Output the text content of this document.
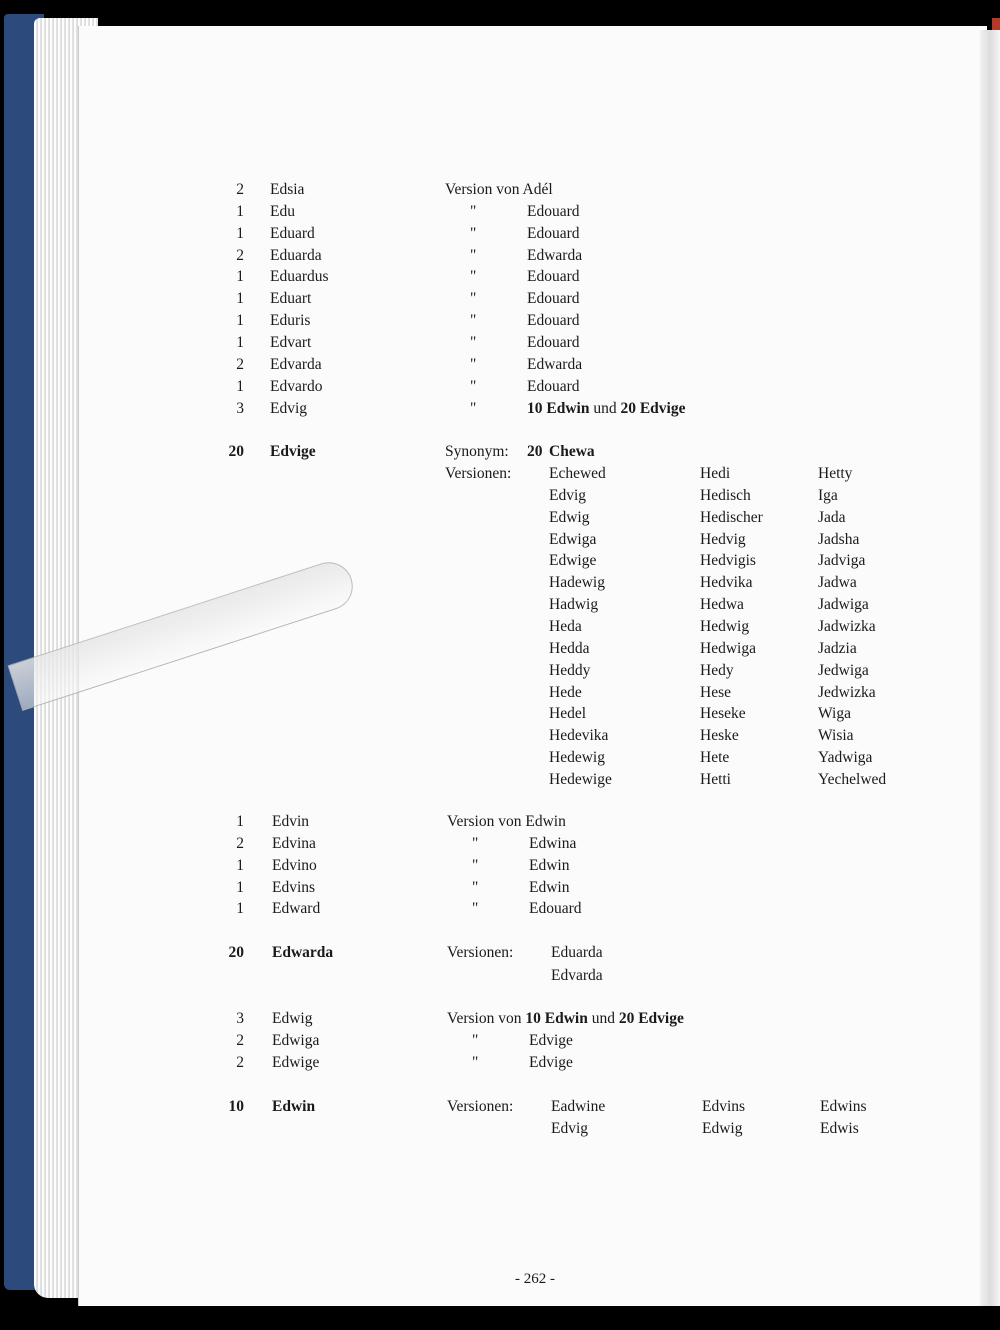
2 Edsia	Version von Adél
1 Edu	"	Edouard
1 Eduard	"	Edouard
2 Eduarda	"	Edwarda
1 Eduardus	"	Edouard
1 Eduart	"	Edouard
1 Eduris	"	Edouard
1 Edvart	"	Edouard
2 Edvarda	"	Edwarda
1 Edvardo	"	Edouard
3 Edvig	"	10 Edwin und 20 Edvige
20 Edvige	Synonym: 20 Chewa
Versionen: Echewed	Hedi	Hetty
Edvig	Hedisch	Iga
Edwig	Hedischer	Jada
Edwiga	Hedvig	Jadsha
Edwige	Hedvigis	Jadviga
Hadewig	Hedvika	Jadwa
Hadwig	Hedwa	Jadwiga
Heda	Hedwig	Jadwizka
Hedda	Hedwiga	Jadzia
Heddy	Hedy	Jedwiga
Hede	Hese	Jedwizka
Hedel	Heseke	Wiga
Hedevika	Heske	Wisia
Hedewig	Hete	Yadwiga
Hedewige	Hetti	Yechelwed
1 Edvin	Version von Edwin
2 Edvina	"	Edwina
1 Edvino	"	Edwin
1 Edvins	"	Edwin
1 Edward	"	Edouard
20 Edwarda	Versionen: Eduarda
Edvarda
3 Edwig	Version von 10 Edwin und 20 Edvige
2 Edwiga	"	Edvige
2 Edwige	"	Edvige
10 Edwin	Versionen: Eadwine	Edvins	Edwins
Edvig	Edwig	Edwis
- 262 -
